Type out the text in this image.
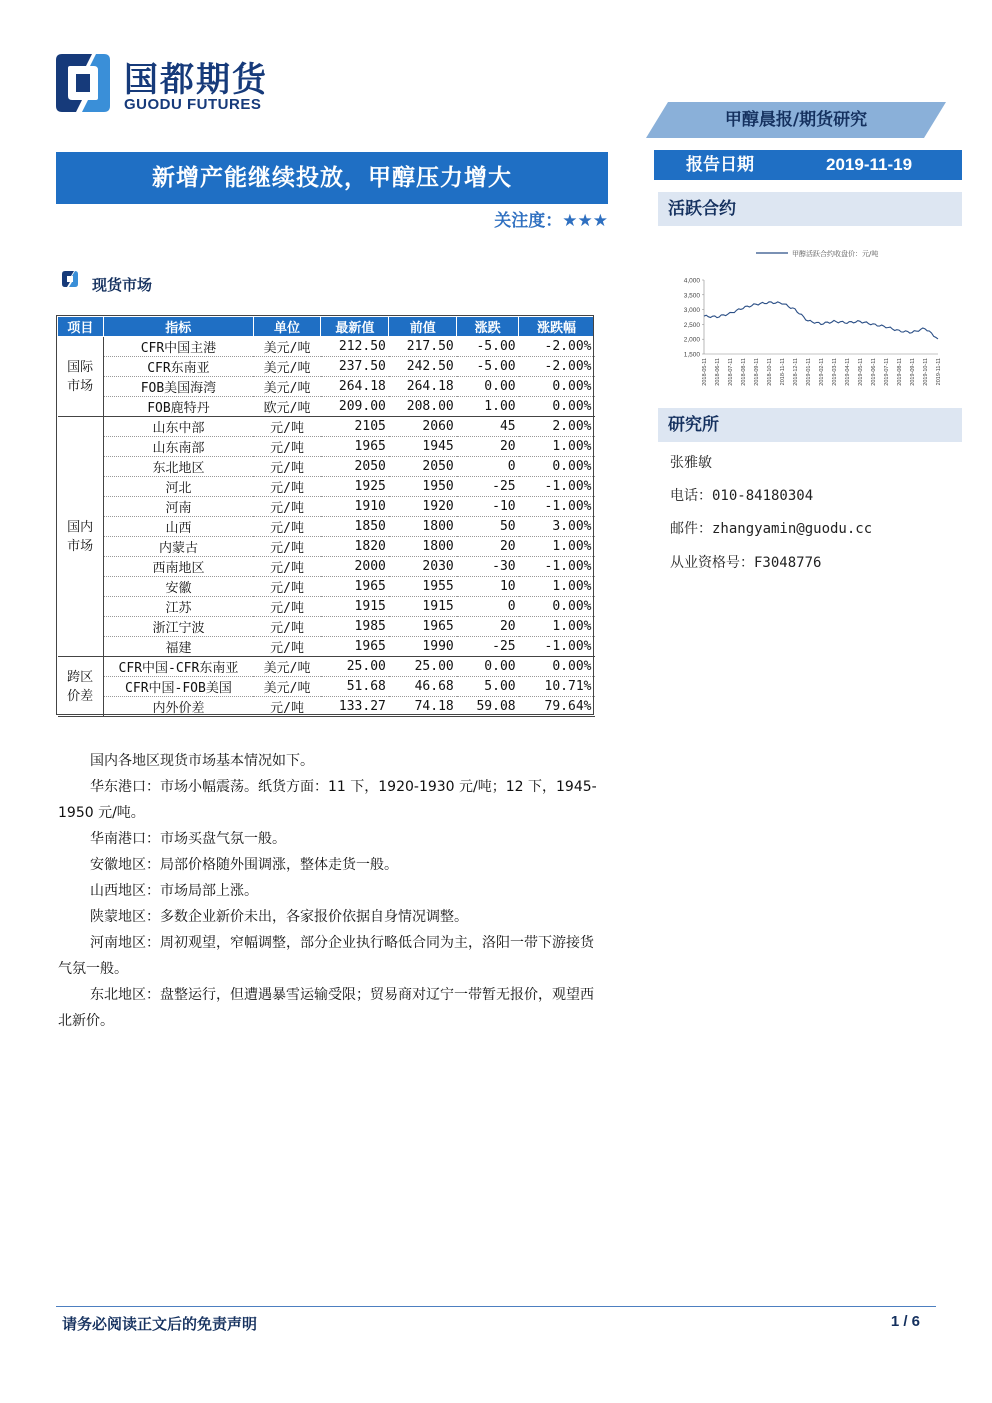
国都期货
GUODU FUTURES
甲醇晨报/期货研究
新增产能继续投放，甲醇压力增大
关注度：★★★
报告日期	2019-11-19
活跃合约
甲醇活跃合约收盘价：元/吨
4,000
3,500
3,000
2,500
2,000
1,500
2018-05-11 2018-06-11 2018-07-11 2018-08-11 2018-09-11 2018-10-11 2018-11-11 2018-12-11 2019-01-11 2019-02-11 2019-03-11 2019-04-11 2019-05-11 2019-06-11 2019-07-11 2019-08-11 2019-09-11 2019-10-11 2019-11-11
研究所
张雅敏
电话：010-84180304
邮件：zhangyamin@guodu.cc
从业资格号：F3048776
现货市场
项目	指标	单位	最新值	前值	涨跌	涨跌幅
国际
市场	CFR中国主港	美元/吨	212.50	217.50	-5.00	-2.00%
	CFR东南亚	美元/吨	237.50	242.50	-5.00	-2.00%
	FOB美国海湾	美元/吨	264.18	264.18	0.00	0.00%
	FOB鹿特丹	欧元/吨	209.00	208.00	1.00	0.00%
国内
市场	山东中部	元/吨	2105	2060	45	2.00%
	山东南部	元/吨	1965	1945	20	1.00%
	东北地区	元/吨	2050	2050	0	0.00%
	河北	元/吨	1925	1950	-25	-1.00%
	河南	元/吨	1910	1920	-10	-1.00%
	山西	元/吨	1850	1800	50	3.00%
	内蒙古	元/吨	1820	1800	20	1.00%
	西南地区	元/吨	2000	2030	-30	-1.00%
	安徽	元/吨	1965	1955	10	1.00%
	江苏	元/吨	1915	1915	0	0.00%
	浙江宁波	元/吨	1985	1965	20	1.00%
	福建	元/吨	1965	1990	-25	-1.00%
跨区
价差	CFR中国-CFR东南亚	美元/吨	25.00	25.00	0.00	0.00%
	CFR中国-FOB美国	美元/吨	51.68	46.68	5.00	10.71%
	内外价差	元/吨	133.27	74.18	59.08	79.64%

国内各地区现货市场基本情况如下。

华东港口：市场小幅震荡。纸货方面：11 下，1920-1930 元/吨；12 下，1945-1950 元/吨。

华南港口：市场买盘气氛一般。

安徽地区：局部价格随外围调涨，整体走货一般。

山西地区：市场局部上涨。

陕蒙地区：多数企业新价未出，各家报价依据自身情况调整。

河南地区：周初观望，窄幅调整，部分企业执行略低合同为主，洛阳一带下游接货气氛一般。

东北地区：盘整运行，但遭遇暴雪运输受限；贸易商对辽宁一带暂无报价，观望西北新价。

请务必阅读正文后的免责声明	1 / 6
